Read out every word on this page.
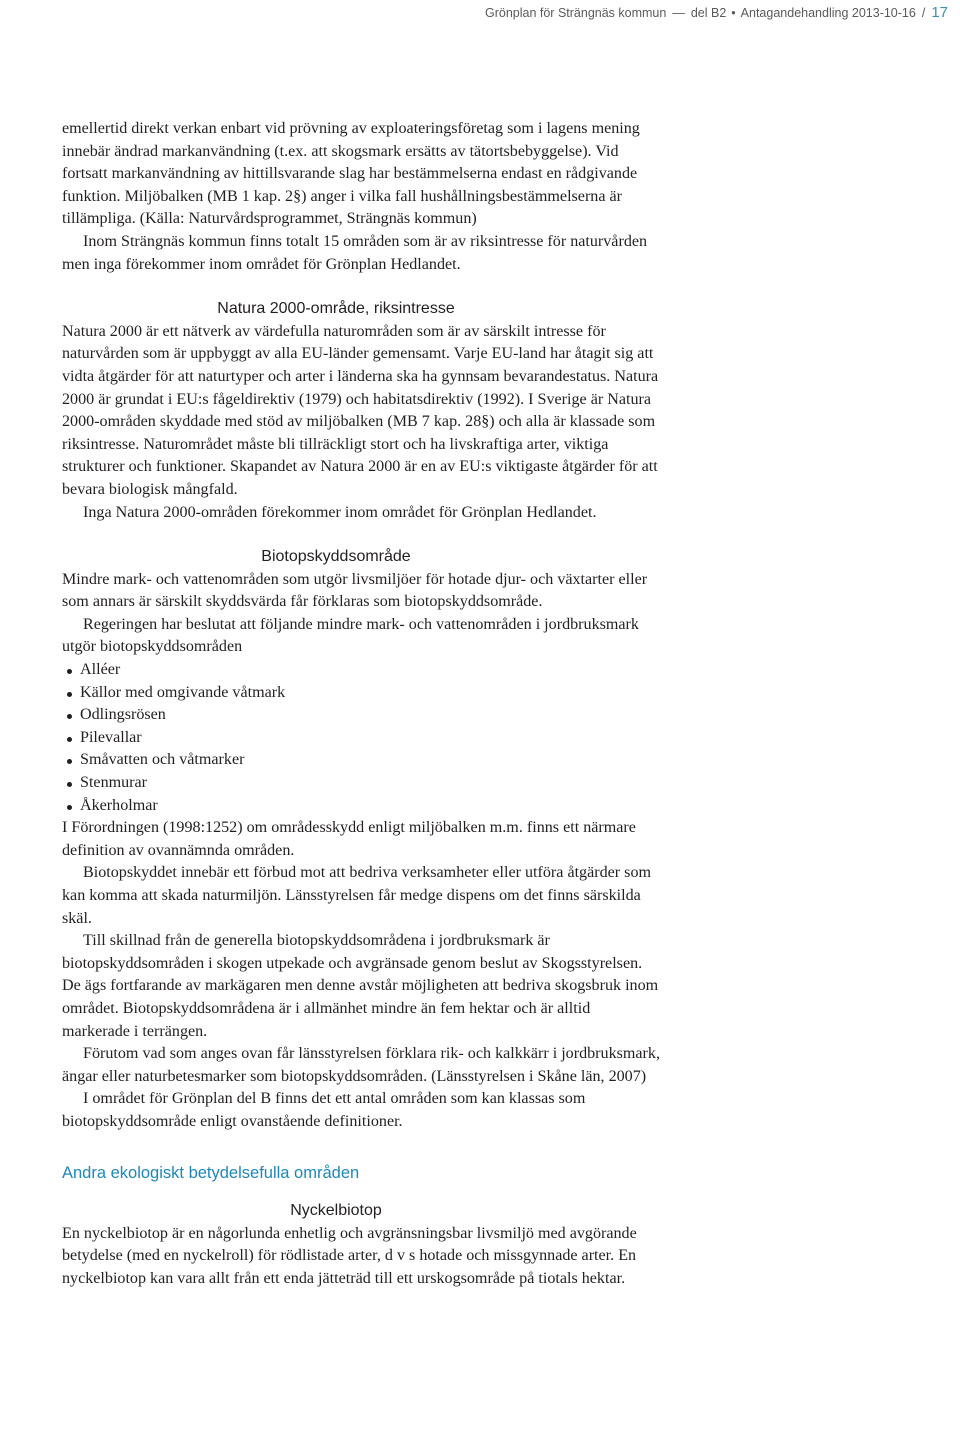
Grönplan för Strängnäs kommun — del B2 • Antagandehandling 2013-10-16 / 17

emellertid direkt verkan enbart vid prövning av exploateringsföretag som i lagens mening innebär ändrad markanvändning (t.ex. att skogsmark ersätts av tätortsbebyggelse). Vid fortsatt markanvändning av hittillsvarande slag har bestämmelserna endast en rådgivande funktion. Miljöbalken (MB 1 kap. 2§) anger i vilka fall hushållningsbestämmelserna är tillämpliga. (Källa: Naturvårdsprogrammet, Strängnäs kommun)

Inom Strängnäs kommun finns totalt 15 områden som är av riksintresse för naturvården men inga förekommer inom området för Grönplan Hedlandet.

Natura 2000-område, riksintresse

Natura 2000 är ett nätverk av värdefulla naturområden som är av särskilt intresse för naturvården som är uppbyggt av alla EU-länder gemensamt. Varje EU-land har åtagit sig att vidta åtgärder för att naturtyper och arter i länderna ska ha gynnsam bevarandestatus. Natura 2000 är grundat i EU:s fågeldirektiv (1979) och habitatsdirektiv (1992). I Sverige är Natura 2000-områden skyddade med stöd av miljöbalken (MB 7 kap. 28§) och alla är klassade som riksintresse. Naturområdet måste bli tillräckligt stort och ha livskraftiga arter, viktiga strukturer och funktioner. Skapandet av Natura 2000 är en av EU:s viktigaste åtgärder för att bevara biologisk mångfald.

Inga Natura 2000-områden förekommer inom området för Grönplan Hedlandet.

Biotopskyddsområde

Mindre mark- och vattenområden som utgör livsmiljöer för hotade djur- och växtarter eller som annars är särskilt skyddsvärda får förklaras som biotopskyddsområde.

Regeringen har beslutat att följande mindre mark- och vattenområden i jordbruksmark utgör biotopskyddsområden

Alléer
Källor med omgivande våtmark
Odlingsrösen
Pilevallar
Småvatten och våtmarker
Stenmurar
Åkerholmar

I Förordningen (1998:1252) om områdesskydd enligt miljöbalken m.m. finns ett närmare definition av ovannämnda områden.

Biotopskyddet innebär ett förbud mot att bedriva verksamheter eller utföra åtgärder som kan komma att skada naturmiljön. Länsstyrelsen får medge dispens om det finns särskilda skäl.

Till skillnad från de generella biotopskyddsområdena i jordbruksmark är biotopskyddsområden i skogen utpekade och avgränsade genom beslut av Skogsstyrelsen. De ägs fortfarande av markägaren men denne avstår möjligheten att bedriva skogsbruk inom området. Biotopskyddsområdena är i allmänhet mindre än fem hektar och är alltid markerade i terrängen.

Förutom vad som anges ovan får länsstyrelsen förklara rik- och kalkkärr i jordbruksmark, ängar eller naturbetesmarker som biotopskyddsområden. (Länsstyrelsen i Skåne län, 2007)

I området för Grönplan del B finns det ett antal områden som kan klassas som biotopskyddsområde enligt ovanstående definitioner.

Andra ekologiskt betydelsefulla områden
Nyckelbiotop

En nyckelbiotop är en någorlunda enhetlig och avgränsningsbar livsmiljö med avgörande betydelse (med en nyckelroll) för rödlistade arter, d v s hotade och missgynnade arter. En nyckelbiotop kan vara allt från ett enda jätteträd till ett urskogsområde på tiotals hektar.
